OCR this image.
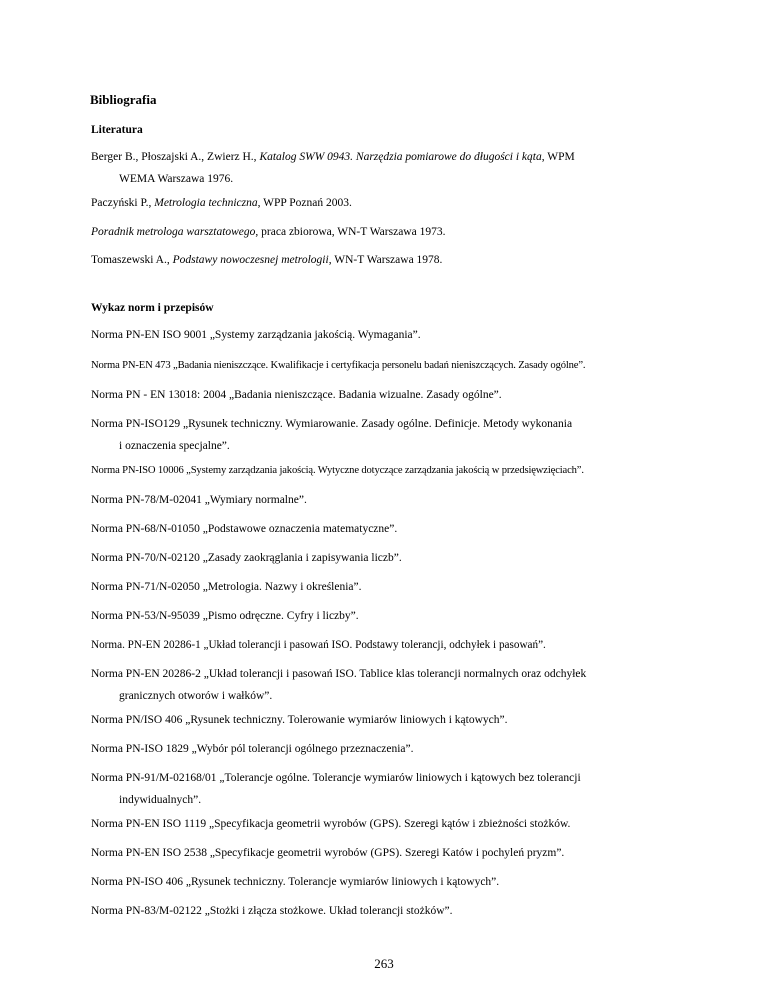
Bibliografia
Literatura
Berger B., Płoszajski A., Zwierz H., Katalog SWW 0943. Narzędzia pomiarowe do długości i kąta, WPM
WEMA Warszawa 1976.
Paczyński P., Metrologia techniczna, WPP Poznań 2003.
Poradnik metrologa warsztatowego, praca zbiorowa, WN-T Warszawa 1973.
Tomaszewski A., Podstawy nowoczesnej metrologii, WN-T Warszawa 1978.
Wykaz norm i przepisów
Norma PN-EN ISO 9001 „Systemy zarządzania jakością. Wymagania”.
Norma PN-EN 473 „Badania nieniszczące. Kwalifikacje i certyfikacja personelu badań nieniszczących. Zasady ogólne”.
Norma PN - EN 13018: 2004 „Badania nieniszczące. Badania wizualne. Zasady ogólne”.
Norma PN-ISO129 „Rysunek techniczny. Wymiarowanie. Zasady ogólne. Definicje. Metody wykonania
i oznaczenia specjalne”.
Norma PN-ISO 10006 „Systemy zarządzania jakością. Wytyczne dotyczące zarządzania jakością w przedsięwzięciach”.
Norma PN-78/M-02041 „Wymiary normalne”.
Norma PN-68/N-01050 „Podstawowe oznaczenia matematyczne”.
Norma PN-70/N-02120 „Zasady zaokrąglania i zapisywania liczb”.
Norma PN-71/N-02050 „Metrologia. Nazwy i określenia”.
Norma PN-53/N-95039 „Pismo odręczne. Cyfry i liczby”.
Norma. PN-EN 20286-1 „Układ tolerancji i pasowań ISO. Podstawy tolerancji, odchyłek i pasowań”.
Norma PN-EN 20286-2 „Układ tolerancji i pasowań ISO. Tablice klas tolerancji normalnych oraz odchyłek
granicznych otworów i wałków”.
Norma PN/ISO 406 „Rysunek techniczny. Tolerowanie wymiarów liniowych i kątowych”.
Norma PN-ISO 1829 „Wybór pól tolerancji ogólnego przeznaczenia”.
Norma PN-91/M-02168/01 „Tolerancje ogólne. Tolerancje wymiarów liniowych i kątowych bez tolerancji
indywidualnych”.
Norma PN-EN ISO 1119 „Specyfikacja geometrii wyrobów (GPS). Szeregi kątów i zbieżności stożków.
Norma PN-EN ISO 2538 „Specyfikacje geometrii wyrobów (GPS). Szeregi Katów i pochyleń pryzm”.
Norma PN-ISO 406 „Rysunek techniczny. Tolerancje wymiarów liniowych i kątowych”.
Norma PN-83/M-02122 „Stożki i złącza stożkowe. Układ tolerancji stożków”.
263
